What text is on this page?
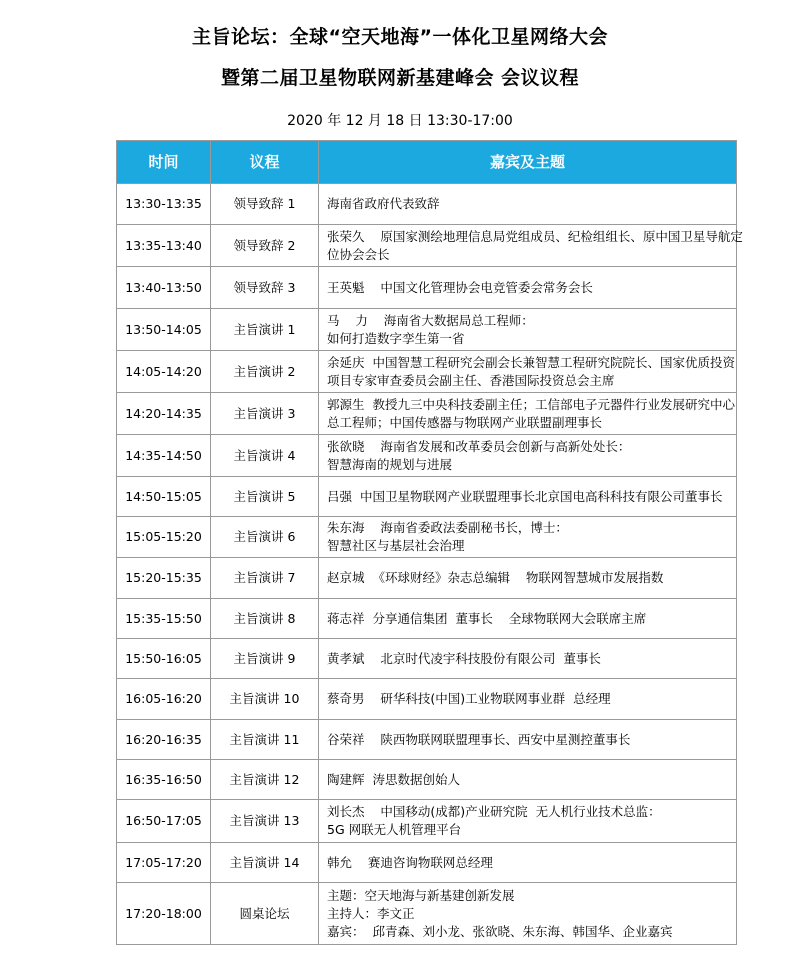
主旨论坛：全球“空天地海”一体化卫星网络大会
暨第二届卫星物联网新基建峰会 会议议程
2020 年 12 月 18 日 13:30-17:00
时间	议程	嘉宾及主题
13:30-13:35	领导致辞 1	海南省政府代表致辞

13:35-13:40	领导致辞 2	张荣久    原国家测绘地理信息局党组成员、纪检组组长、原中国卫星导航定
位协会会长

13:40-13:50	领导致辞 3	王英魁    中国文化管理协会电竞管委会常务会长

13:50-14:05	主旨演讲 1	马    力    海南省大数据局总工程师：
如何打造数字孪生第一省

14:05-14:20	主旨演讲 2	余延庆  中国智慧工程研究会副会长兼智慧工程研究院院长、国家优质投资
项目专家审查委员会副主任、香港国际投资总会主席

14:20-14:35	主旨演讲 3	郭源生  教授九三中央科技委副主任；工信部电子元器件行业发展研究中心
总工程师；中国传感器与物联网产业联盟副理事长

14:35-14:50	主旨演讲 4	张欲晓    海南省发展和改革委员会创新与高新处处长：
智慧海南的规划与进展

14:50-15:05	主旨演讲 5	吕强  中国卫星物联网产业联盟理事长北京国电高科科技有限公司董事长

15:05-15:20	主旨演讲 6	朱东海    海南省委政法委副秘书长，博士：
智慧社区与基层社会治理

15:20-15:35	主旨演讲 7	赵京城  《环球财经》杂志总编辑    物联网智慧城市发展指数

15:35-15:50	主旨演讲 8	蒋志祥  分享通信集团  董事长    全球物联网大会联席主席

15:50-16:05	主旨演讲 9	黄孝斌    北京时代凌宇科技股份有限公司  董事长

16:05-16:20	主旨演讲 10	蔡奇男    研华科技(中国)工业物联网事业群  总经理

16:20-16:35	主旨演讲 11	谷荣祥    陕西物联网联盟理事长、西安中星测控董事长

16:35-16:50	主旨演讲 12	陶建辉  涛思数据创始人

16:50-17:05	主旨演讲 13	刘长杰    中国移动(成都)产业研究院  无人机行业技术总监：
5G 网联无人机管理平台

17:05-17:20	主旨演讲 14	韩允    赛迪咨询物联网总经理

17:20-18:00	圆桌论坛	主题：空天地海与新基建创新发展
主持人：李文正
嘉宾：  邱青森、刘小龙、张欲晓、朱东海、韩国华、企业嘉宾
